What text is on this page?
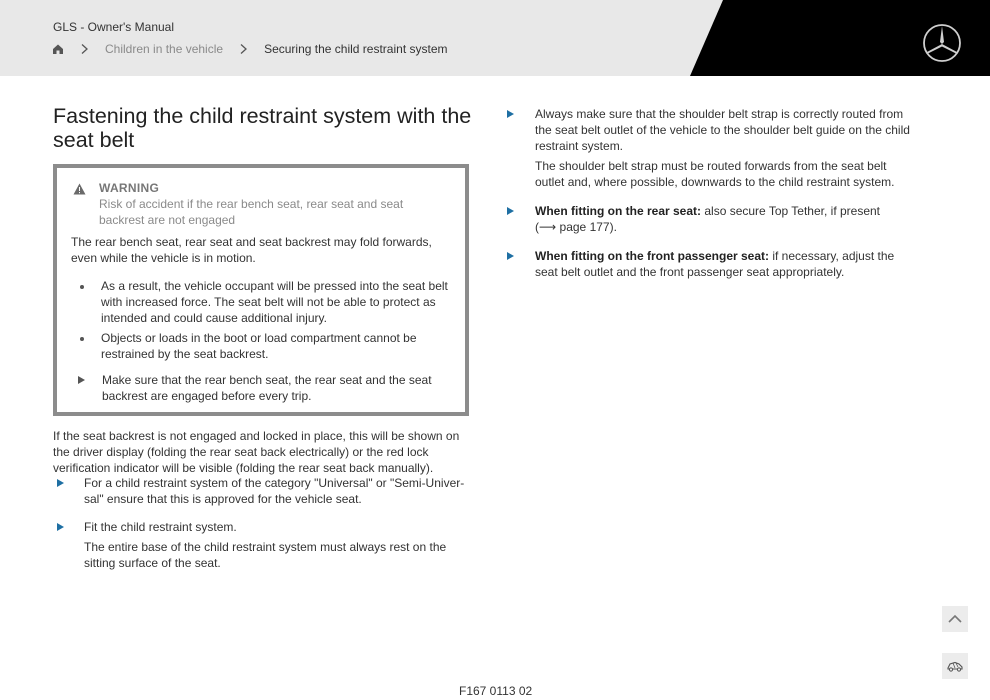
GLS - Owner's Manual
Children in the vehicle	Securing the child restraint system
Fastening the child restraint system with the seat belt
WARNING
Risk of accident if the rear bench seat, rear seat and seat backrest are not engaged
The rear bench seat, rear seat and seat backrest may fold forwards, even while the vehicle is in motion.
As a result, the vehicle occupant will be pressed into the seat belt with increased force. The seat belt will not be able to protect as intended and could cause additional injury.
Objects or loads in the boot or load compartment cannot be restrained by the seat backrest.
Make sure that the rear bench seat, the rear seat and the seat backrest are engaged before every trip.

If the seat backrest is not engaged and locked in place, this will be shown on the driver display (folding the rear seat back electrically) or the red lock verification indicator will be visible (folding the rear seat back manually).

For a child restraint system of the category "Universal" or "Semi-Univer-sal" ensure that this is approved for the vehicle seat.
Fit the child restraint system.
The entire base of the child restraint system must always rest on the sitting surface of the seat.
Always make sure that the shoulder belt strap is correctly routed from the seat belt outlet of the vehicle to the shoulder belt guide on the child restraint system.
The shoulder belt strap must be routed forwards from the seat belt outlet and, where possible, downwards to the child restraint system.
When fitting on the rear seat: also secure Top Tether, if present
(⟶ page 177).
When fitting on the front passenger seat: if necessary, adjust the seat belt outlet and the front passenger seat appropriately.
F167 0113 02
